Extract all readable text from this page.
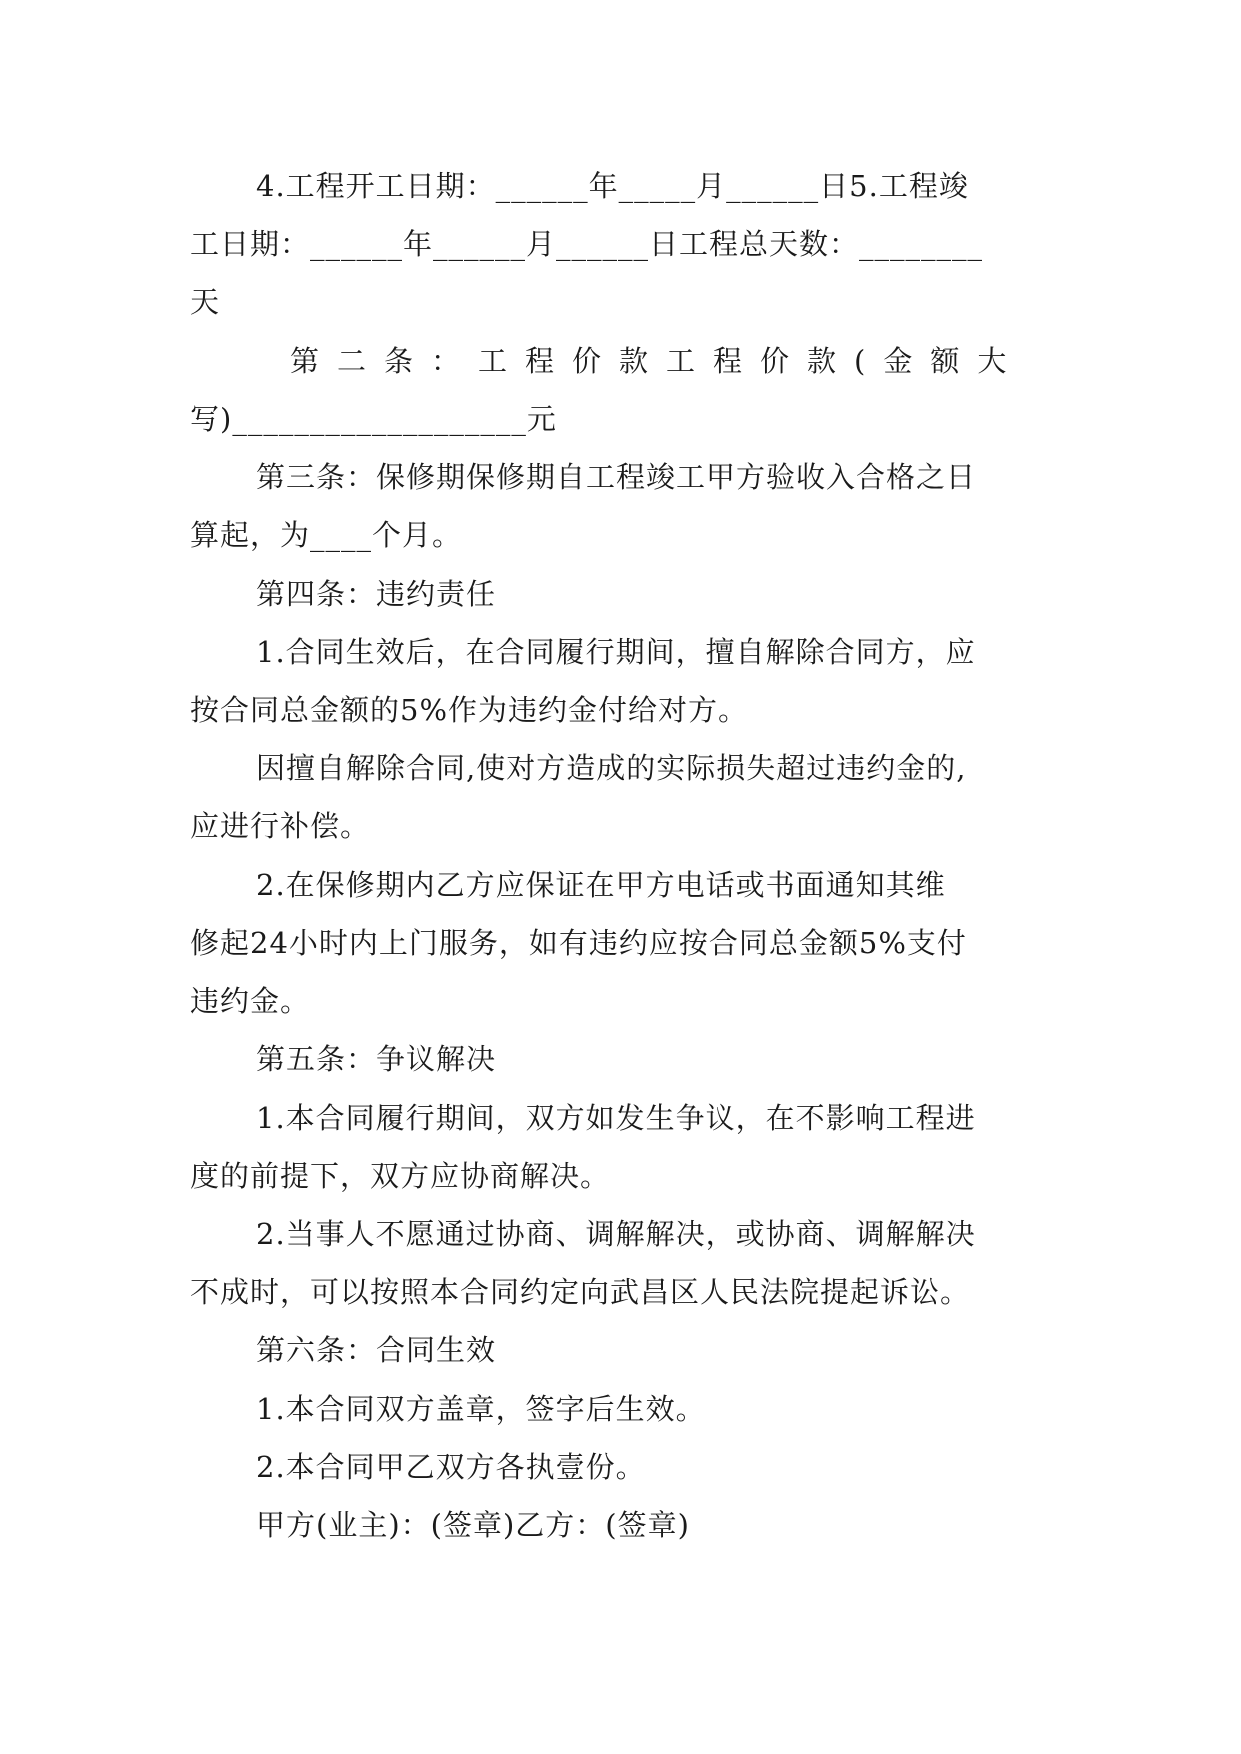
4.工程开工日期：______年_____月______日5.工程竣
工日期：______年______月______日工程总天数：________
天
第二条：工程价款工程价款(金额大
写)___________________元
第三条：保修期保修期自工程竣工甲方验收入合格之日
算起，为____个月。
第四条：违约责任
1.合同生效后，在合同履行期间，擅自解除合同方，应
按合同总金额的5%作为违约金付给对方。
因擅自解除合同,使对方造成的实际损失超过违约金的,
应进行补偿。
2.在保修期内乙方应保证在甲方电话或书面通知其维
修起24小时内上门服务，如有违约应按合同总金额5%支付
违约金。
第五条：争议解决
1.本合同履行期间，双方如发生争议，在不影响工程进
度的前提下，双方应协商解决。
2.当事人不愿通过协商、调解解决，或协商、调解解决
不成时，可以按照本合同约定向武昌区人民法院提起诉讼。
第六条：合同生效
1.本合同双方盖章，签字后生效。
2.本合同甲乙双方各执壹份。
甲方(业主)：(签章)乙方：(签章)
